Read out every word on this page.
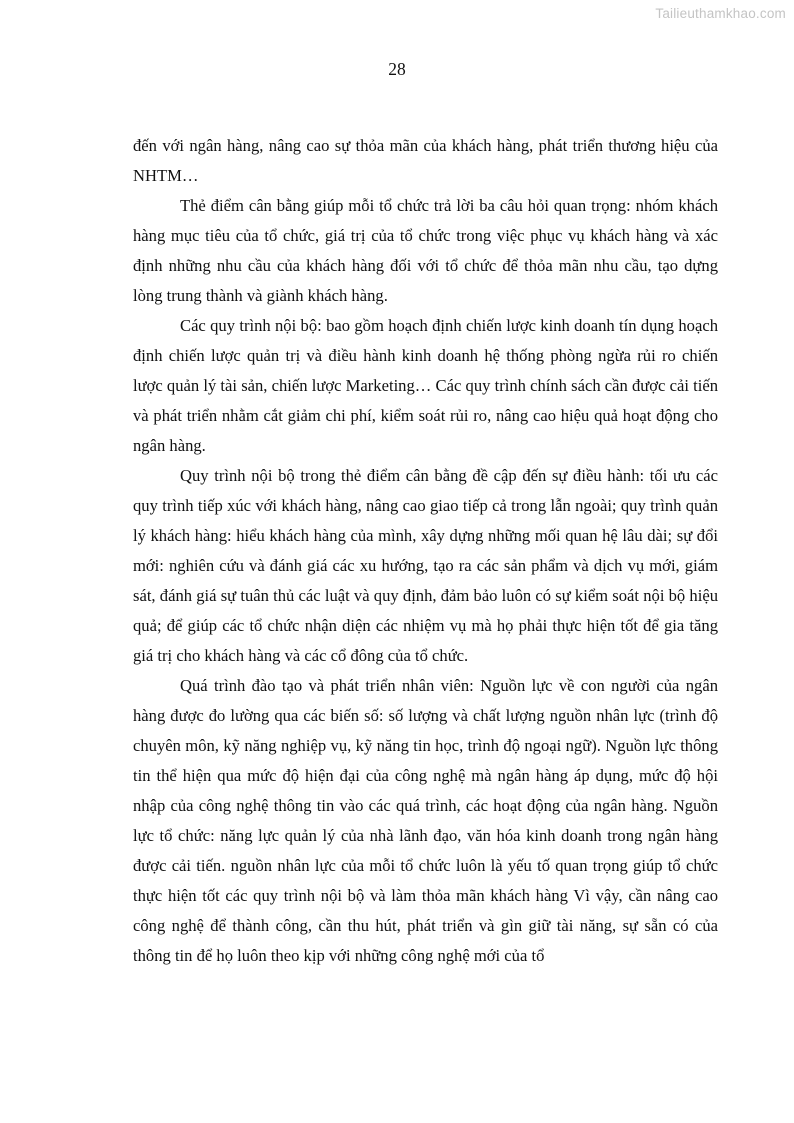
Tailieuthamkhao.com
28

đến với ngân hàng, nâng cao sự thỏa mãn của khách hàng, phát triển thương hiệu của NHTM…

Thẻ điểm cân bằng giúp mỗi tổ chức trả lời ba câu hỏi quan trọng: nhóm khách hàng mục tiêu của tổ chức, giá trị của tổ chức trong việc phục vụ khách hàng và xác định những nhu cầu của khách hàng đối với tổ chức để thỏa mãn nhu cầu, tạo dựng lòng trung thành và giành khách hàng.

Các quy trình nội bộ: bao gồm hoạch định chiến lược kinh doanh tín dụng hoạch định chiến lược quản trị và điều hành kinh doanh hệ thống phòng ngừa rủi ro chiến lược quản lý tài sản, chiến lược Marketing… Các quy trình chính sách cần được cải tiến và phát triển nhằm cắt giảm chi phí, kiểm soát rủi ro, nâng cao hiệu quả hoạt động cho ngân hàng.

Quy trình nội bộ trong thẻ điểm cân bằng đề cập đến sự điều hành: tối ưu các quy trình tiếp xúc với khách hàng, nâng cao giao tiếp cả trong lẫn ngoài; quy trình quản lý khách hàng: hiểu khách hàng của mình, xây dựng những mối quan hệ lâu dài; sự đổi mới: nghiên cứu và đánh giá các xu hướng, tạo ra các sản phẩm và dịch vụ mới, giám sát, đánh giá sự tuân thủ các luật và quy định, đảm bảo luôn có sự kiểm soát nội bộ hiệu quả; để giúp các tổ chức nhận diện các nhiệm vụ mà họ phải thực hiện tốt để gia tăng giá trị cho khách hàng và các cổ đông của tổ chức.

Quá trình đào tạo và phát triển nhân viên: Nguồn lực về con người của ngân hàng được đo lường qua các biến số: số lượng và chất lượng nguồn nhân lực (trình độ chuyên môn, kỹ năng nghiệp vụ, kỹ năng tin học, trình độ ngoại ngữ). Nguồn lực thông tin thể hiện qua mức độ hiện đại của công nghệ mà ngân hàng áp dụng, mức độ hội nhập của công nghệ thông tin vào các quá trình, các hoạt động của ngân hàng. Nguồn lực tổ chức: năng lực quản lý của nhà lãnh đạo, văn hóa kinh doanh trong ngân hàng được cải tiến. nguồn nhân lực của mỗi tổ chức luôn là yếu tố quan trọng giúp tổ chức thực hiện tốt các quy trình nội bộ và làm thỏa mãn khách hàng Vì vậy, cần nâng cao công nghệ để thành công, cần thu hút, phát triển và gìn giữ tài năng, sự sẵn có của thông tin để họ luôn theo kịp với những công nghệ mới của tổ
